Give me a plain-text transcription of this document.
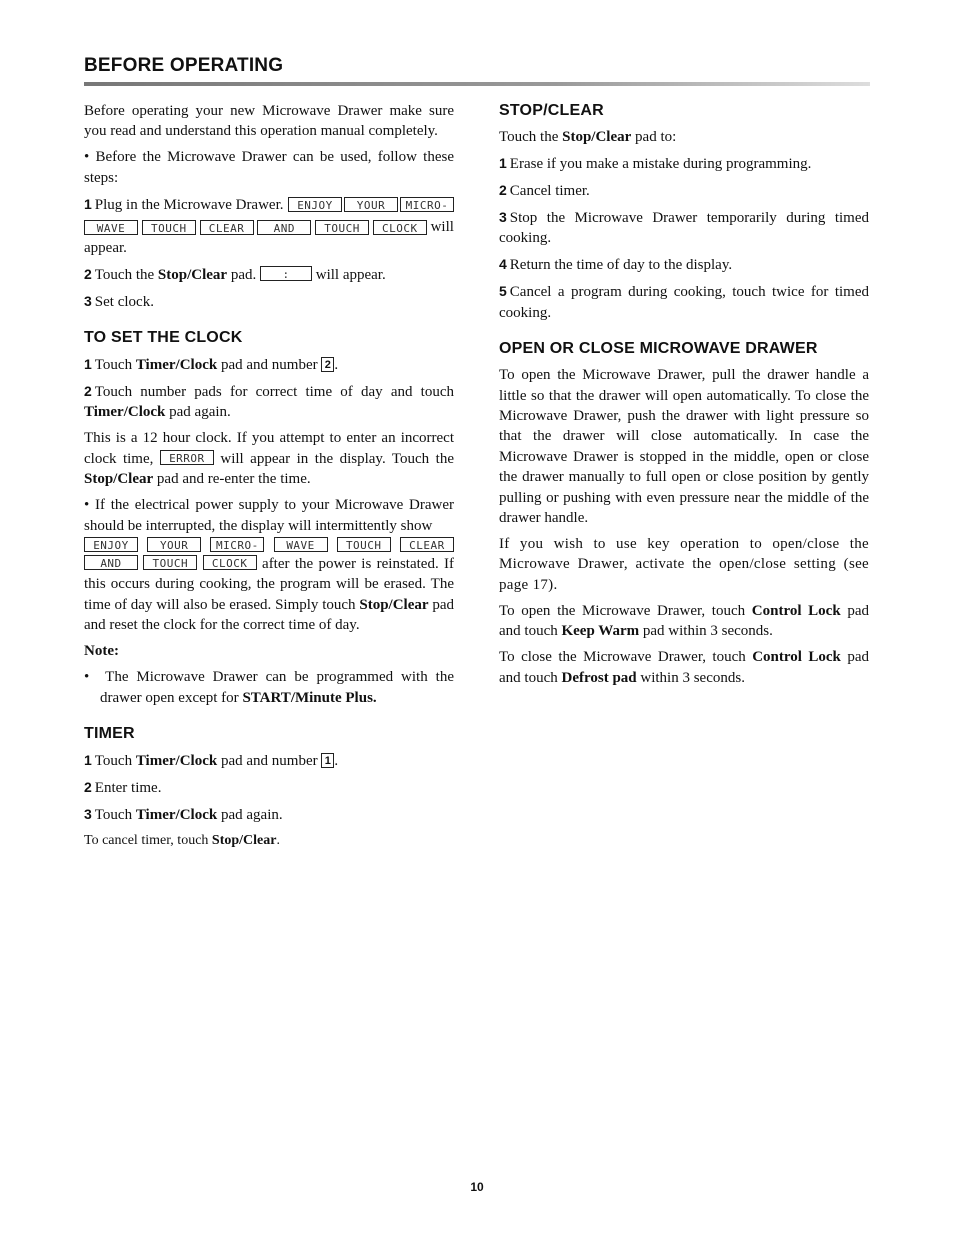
BEFORE OPERATING

Before operating your new Microwave Drawer make sure you read and understand this operation manual completely.

• Before the Microwave Drawer can be used, follow these steps:

1 Plug in the Microwave Drawer.	ENJOY	YOUR	MICRO-
WAVE	TOUCH	CLEAR	AND	TOUCH	CLOCK will
appear.

2 Touch the Stop/Clear pad. : will appear.

3 Set clock.

TO SET THE CLOCK

1 Touch Timer/Clock pad and number 2 .

2 Touch number pads for correct time of day and touch Timer/Clock pad again.

This is a 12 hour clock. If you attempt to enter an incorrect clock time, ERROR will appear in the display. Touch the Stop/Clear pad and re-enter the time.

• If the electrical power supply to your Microwave Drawer should be interrupted, the display will intermittently show
ENJOY	YOUR	MICRO-	WAVE	TOUCH	CLEAR
AND	TOUCH CLOCK after the power is reinstated. If this occurs during cooking, the program will be erased. The time of day will also be erased. Simply touch Stop/Clear pad and reset the clock for the correct time of day.

Note:

•  The Microwave Drawer can be programmed with the drawer open except for START/Minute Plus.

TIMER

1 Touch Timer/Clock pad and number 1 .

2 Enter time.

3 Touch Timer/Clock pad again.

To cancel timer, touch Stop/Clear.

STOP/CLEAR

Touch the Stop/Clear pad to:

1 Erase if you make a mistake during programming.

2 Cancel timer.

3 Stop the Microwave Drawer temporarily during timed cooking.

4 Return the time of day to the display.

5 Cancel a program during cooking, touch twice for timed cooking.

OPEN OR CLOSE MICROWAVE DRAWER

To open the Microwave Drawer, pull the drawer handle a little so that the drawer will open automatically. To close the Microwave Drawer, push the drawer with light pressure so that the drawer will close automatically. In case the Microwave Drawer is stopped in the middle, open or close the drawer manually to full open or close position by gently pulling or pushing with even pressure near the middle of the drawer handle.

If you wish to use key operation to open/close the Microwave Drawer, activate the open/close setting (see page 17).

To open the Microwave Drawer, touch Control Lock pad and touch Keep Warm pad within 3 seconds.

To close the Microwave Drawer, touch Control Lock pad and touch Defrost pad within 3 seconds.

10
